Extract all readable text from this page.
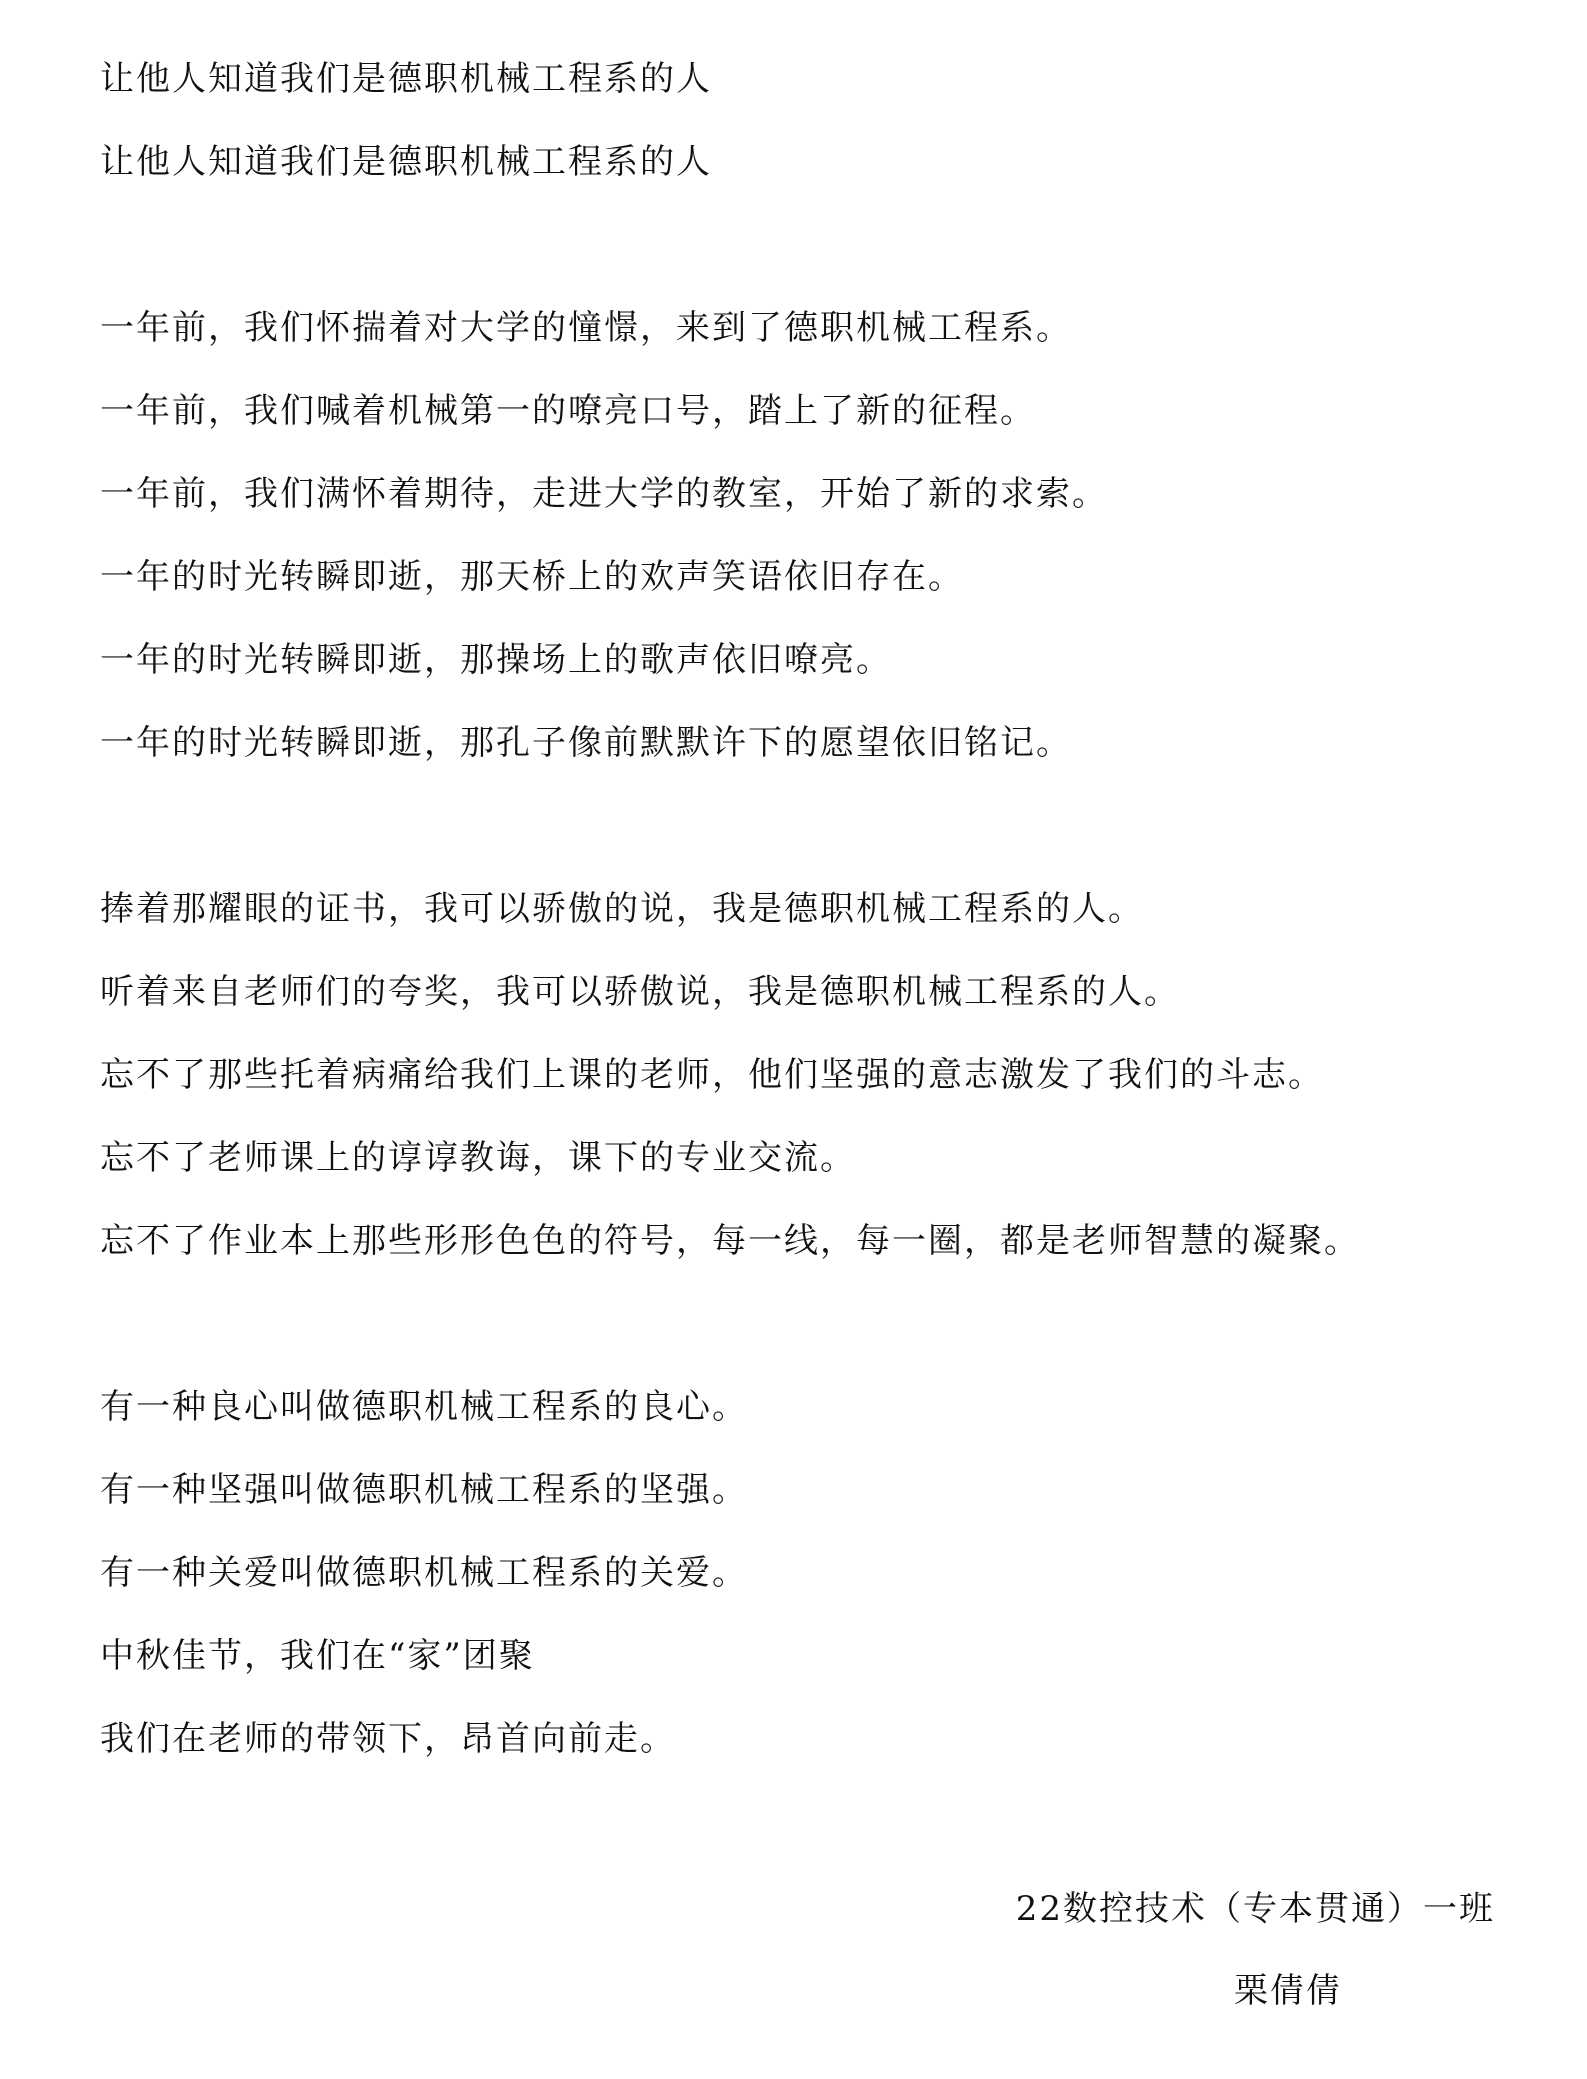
让他人知道我们是德职机械工程系的人
让他人知道我们是德职机械工程系的人
一年前，我们怀揣着对大学的憧憬，来到了德职机械工程系。
一年前，我们喊着机械第一的嘹亮口号，踏上了新的征程。
一年前，我们满怀着期待，走进大学的教室，开始了新的求索。
一年的时光转瞬即逝，那天桥上的欢声笑语依旧存在。
一年的时光转瞬即逝，那操场上的歌声依旧嘹亮。
一年的时光转瞬即逝，那孔子像前默默许下的愿望依旧铭记。
捧着那耀眼的证书，我可以骄傲的说，我是德职机械工程系的人。
听着来自老师们的夸奖，我可以骄傲说，我是德职机械工程系的人。
忘不了那些托着病痛给我们上课的老师，他们坚强的意志激发了我们的斗志。
忘不了老师课上的谆谆教诲，课下的专业交流。
忘不了作业本上那些形形色色的符号，每一线，每一圈，都是老师智慧的凝聚。
有一种良心叫做德职机械工程系的良心。
有一种坚强叫做德职机械工程系的坚强。
有一种关爱叫做德职机械工程系的关爱。
中秋佳节，我们在“家”团聚
我们在老师的带领下，昂首向前走。
22数控技术（专本贯通）一班
栗倩倩
